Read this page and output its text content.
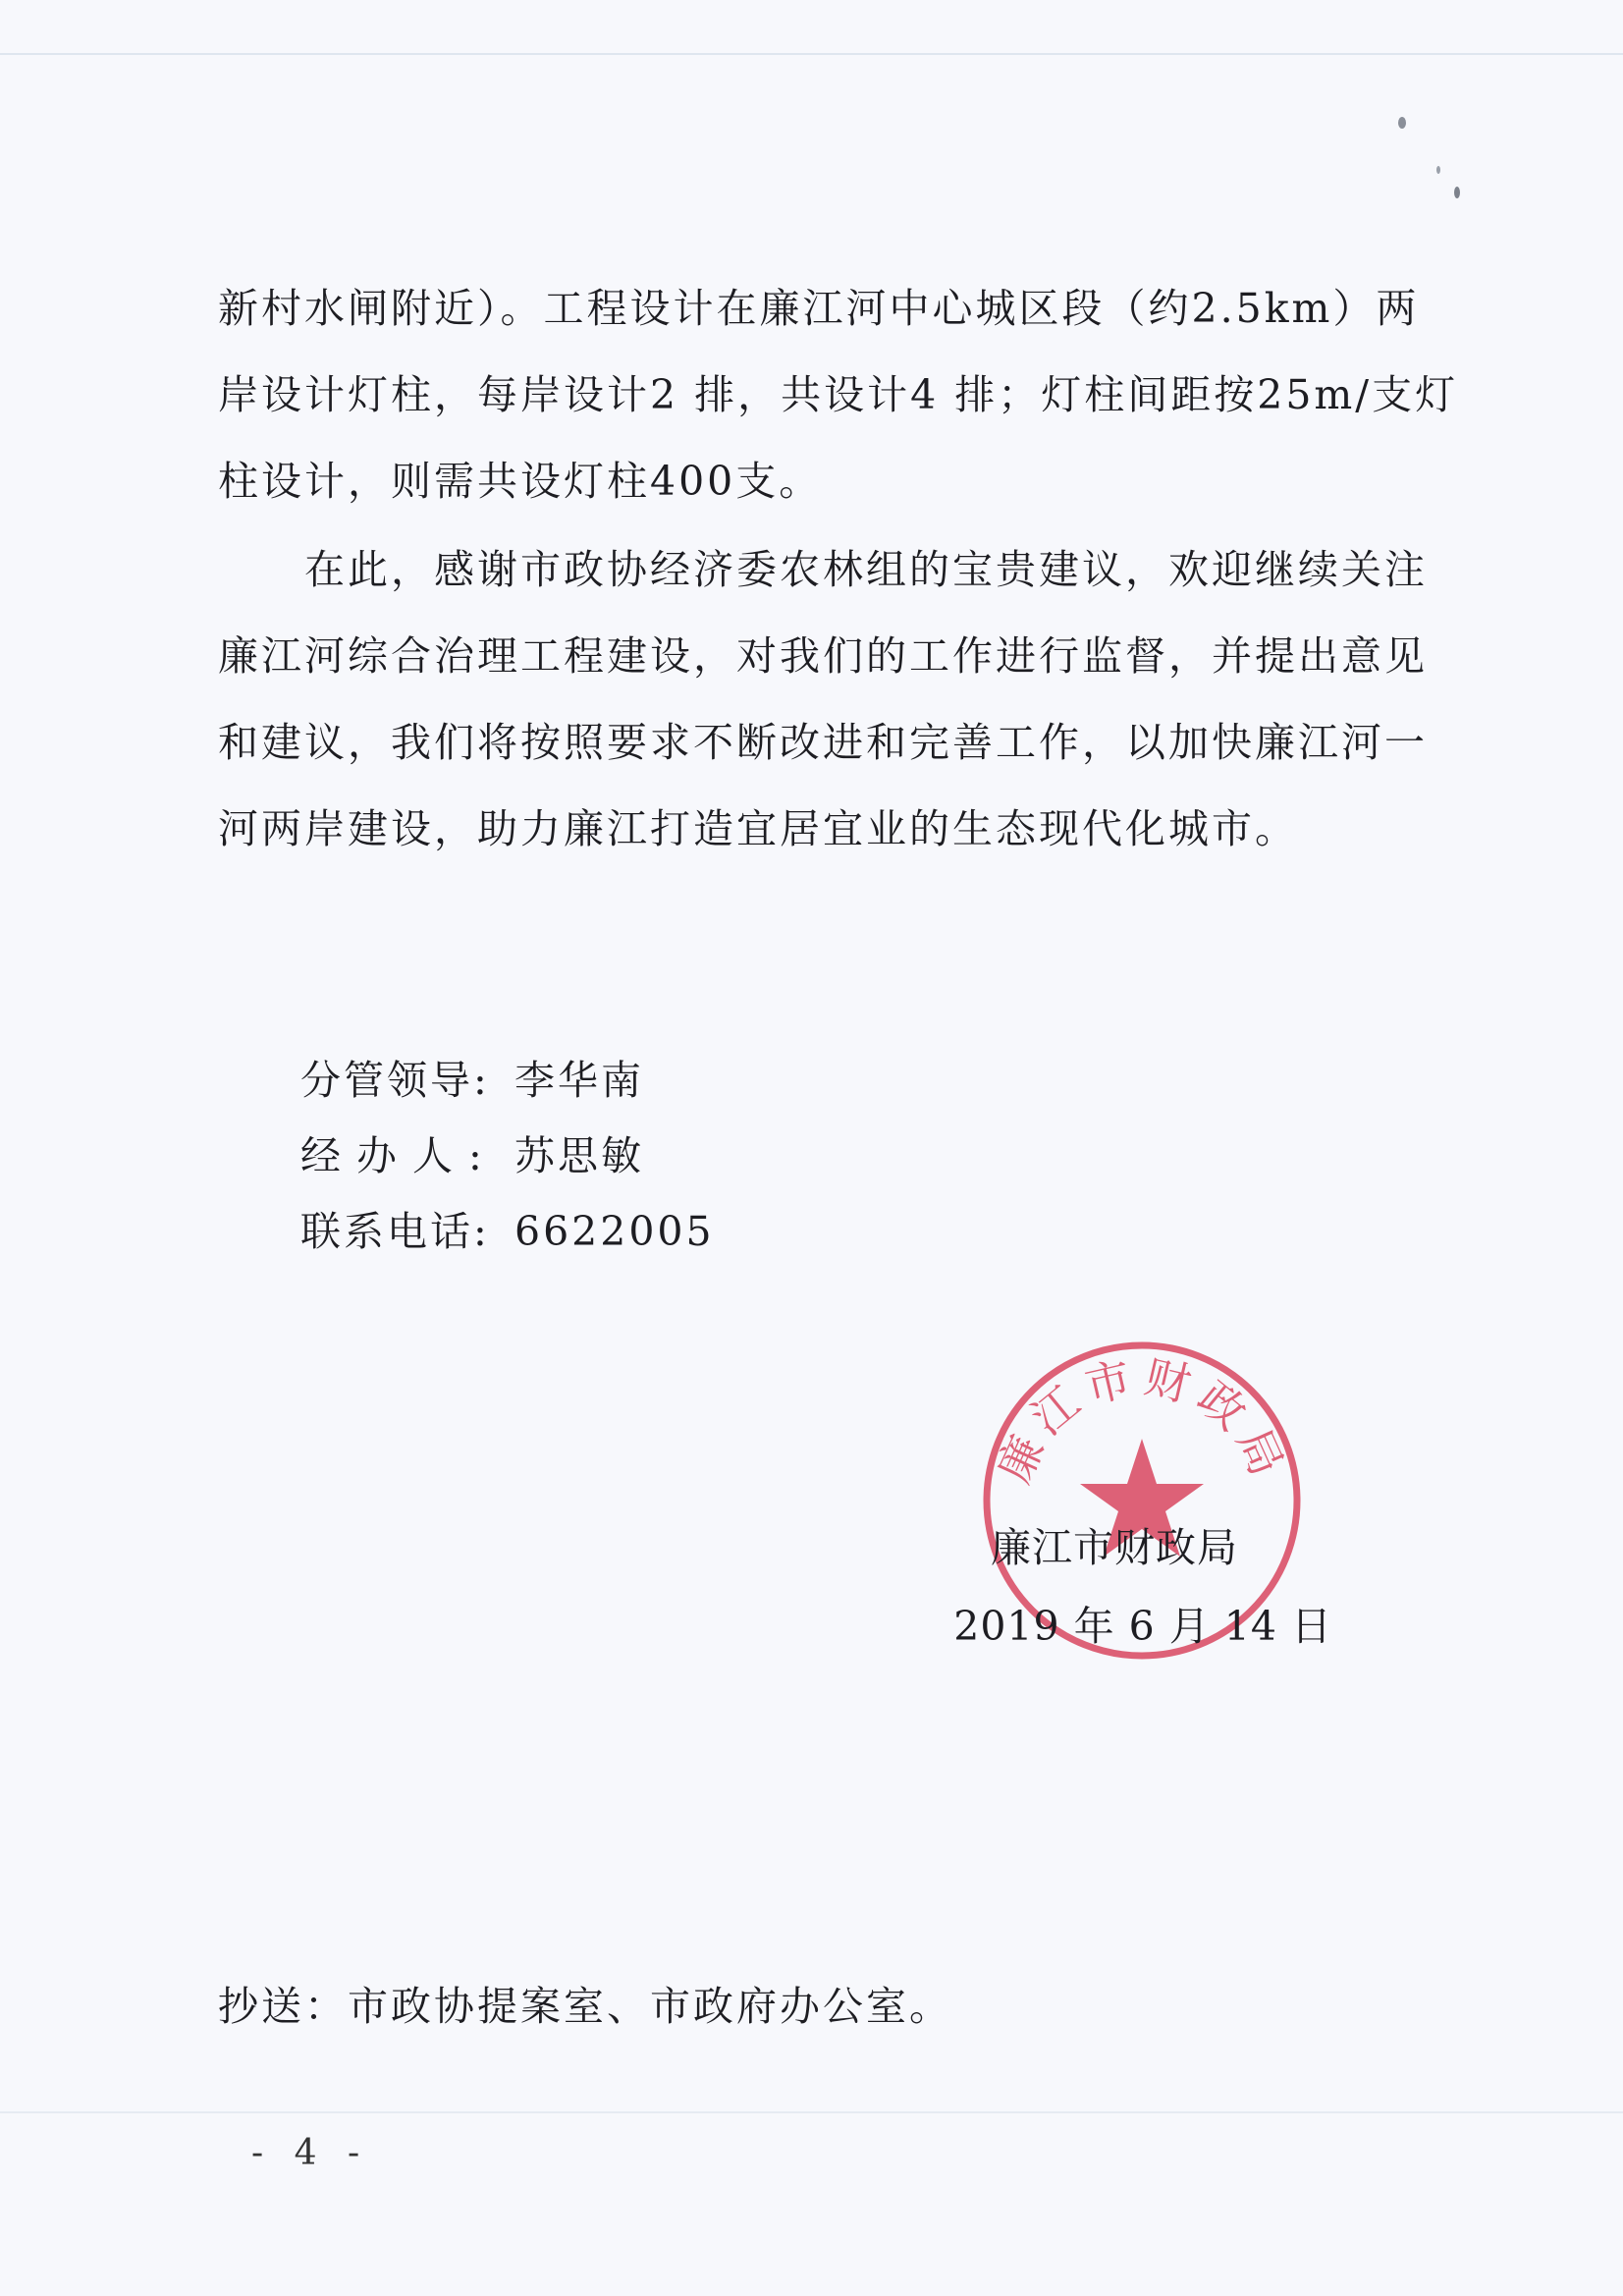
新村水闸附近）。工程设计在廉江河中心城区段（约2.5km）两
岸设计灯柱，每岸设计2 排，共设计4 排；灯柱间距按25m/支灯
柱设计，则需共设灯柱400支。

在此，感谢市政协经济委农林组的宝贵建议，欢迎继续关注
廉江河综合治理工程建设，对我们的工作进行监督，并提出意见
和建议，我们将按照要求不断改进和完善工作，以加快廉江河一
河两岸建设，助力廉江打造宜居宜业的生态现代化城市。

分管领导: 李华南
经办人: 苏思敏
联系电话: 6622005
廉江市财政局
廉江市财政局
2019 年 6 月 14 日
抄送：市政协提案室、市政府办公室。
- 4 -
